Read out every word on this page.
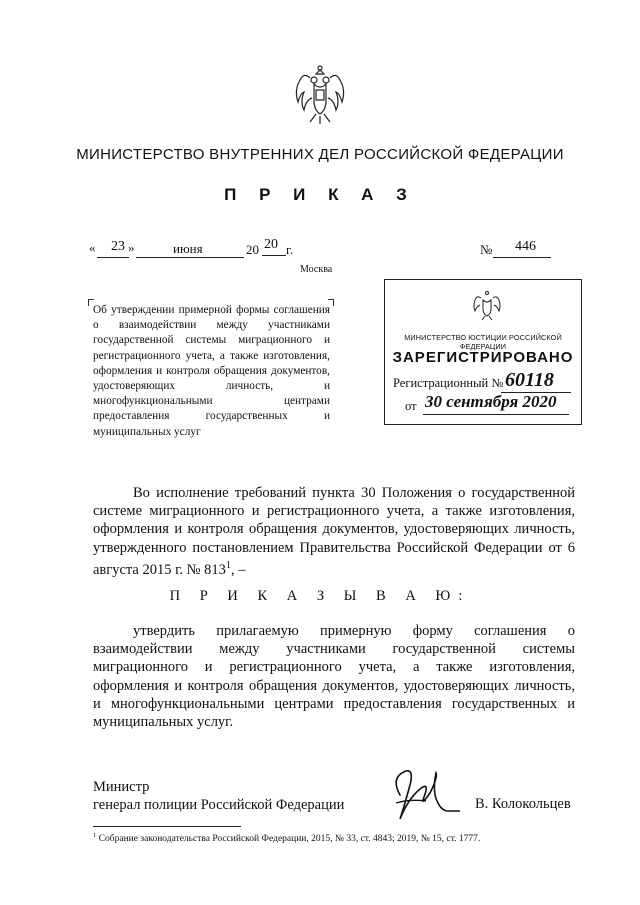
МИНИСТЕРСТВО ВНУТРЕННИХ ДЕЛ РОССИЙСКОЙ ФЕДЕРАЦИИ
П Р И К А З
« 23 »	июня	20 20 г.	№ 446
Москва
Об утверждении примерной формы соглашения о взаимодействии между участниками государственной системы миграционного и регистрационного учета, а также изготовления, оформления и контроля обращения документов, удостоверяющих личность, и многофункциональными центрами предоставления государственных и муниципальных услуг
МИНИСТЕРСТВО ЮСТИЦИИ РОССИЙСКОЙ ФЕДЕРАЦИИ
ЗАРЕГИСТРИРОВАНО
Регистрационный № 60118
от 30 сентября 2020
Во исполнение требований пункта 30 Положения о государственной системе миграционного и регистрационного учета, а также изготовления, оформления и контроля обращения документов, удостоверяющих личность, утвержденного постановлением Правительства Российской Федерации от 6 августа 2015 г. № $813^1$, –
П Р И К А З Ы В А Ю:
утвердить прилагаемую примерную форму соглашения о взаимодействии между участниками государственной системы миграционного и регистрационного учета, а также изготовления, оформления и контроля обращения документов, удостоверяющих личность, и многофункциональными центрами предоставления государственных и муниципальных услуг.
Министр
генерал полиции Российской Федерации	В. Колокольцев
$^1$ Собрание законодательства Российской Федерации, 2015, № 33, ст. 4843; 2019, № 15, ст. 1777.
